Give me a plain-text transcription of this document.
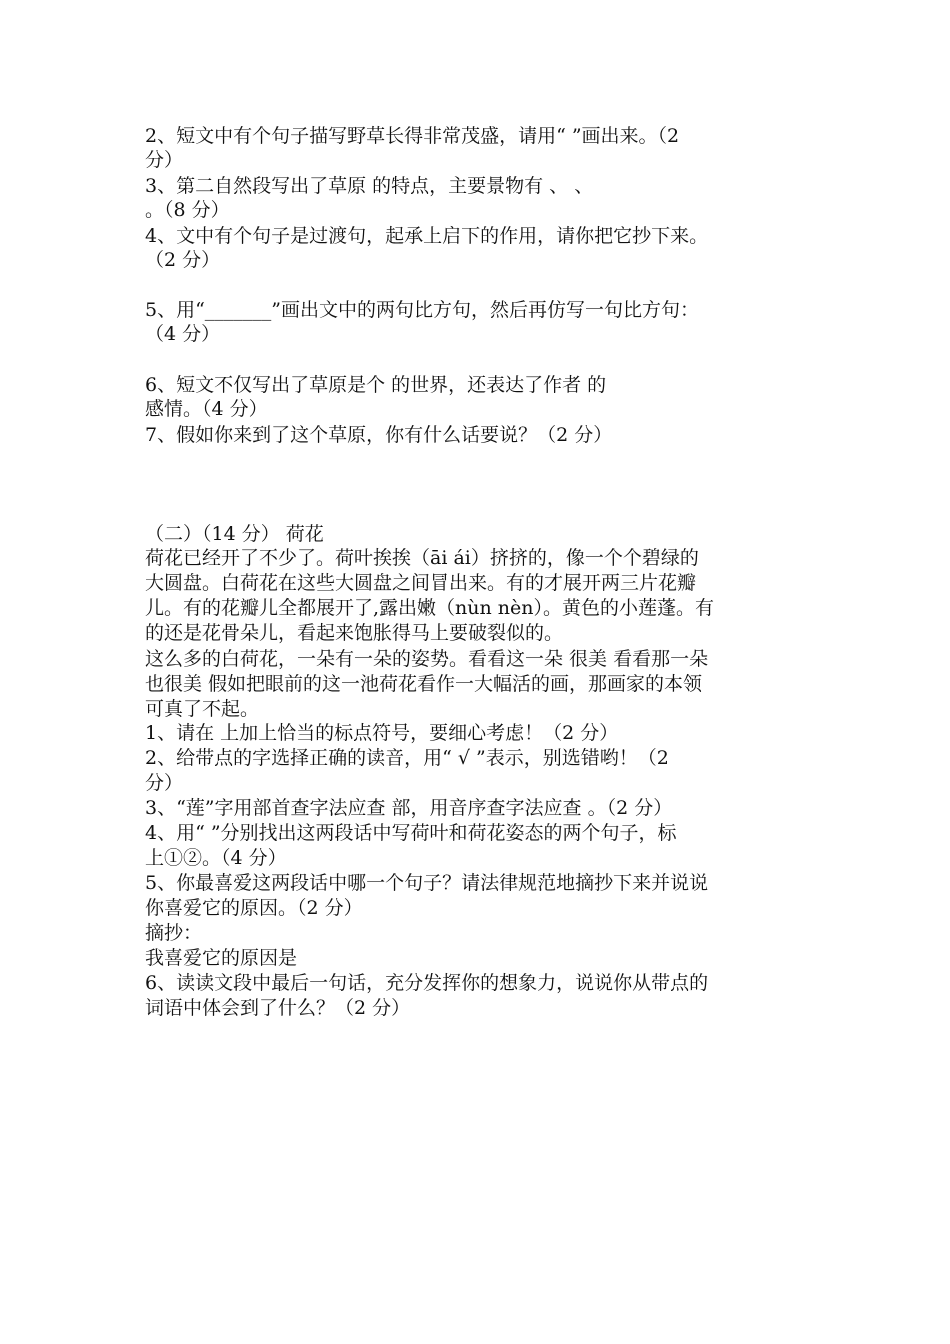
2、短文中有个句子描写野草长得非常茂盛，请用“ ”画出来。（2
分）
3、第二自然段写出了草原 的特点，主要景物有 、 、
。（8 分）
4、文中有个句子是过渡句，起承上启下的作用，请你把它抄下来。
（2 分）
5、用“_______”画出文中的两句比方句，然后再仿写一句比方句：
（4 分）
6、短文不仅写出了草原是个 的世界，还表达了作者 的
感情。（4 分）
7、假如你来到了这个草原，你有什么话要说？（2 分）
（二）（14 分） 荷花
荷花已经开了不少了。荷叶挨挨（āi ái）挤挤的，像一个个碧绿的
大圆盘。白荷花在这些大圆盘之间冒出来。有的才展开两三片花瓣
儿。有的花瓣儿全都展开了,露出嫩（nùn nèn）。黄色的小莲蓬。有
的还是花骨朵儿，看起来饱胀得马上要破裂似的。
这么多的白荷花，一朵有一朵的姿势。看看这一朵 很美 看看那一朵
也很美 假如把眼前的这一池荷花看作一大幅活的画，那画家的本领
可真了不起。
1、请在 上加上恰当的标点符号，要细心考虑！（2 分）
2、给带点的字选择正确的读音，用“ √ ”表示，别选错哟！（2
分）
3、“莲”字用部首查字法应查 部，用音序查字法应查 。（2 分）
4、用“ ”分别找出这两段话中写荷叶和荷花姿态的两个句子，标
上①②。（4 分）
5、你最喜爱这两段话中哪一个句子？请法律规范地摘抄下来并说说
你喜爱它的原因。（2 分）
摘抄：
我喜爱它的原因是
6、读读文段中最后一句话，充分发挥你的想象力，说说你从带点的
词语中体会到了什么？（2 分）
